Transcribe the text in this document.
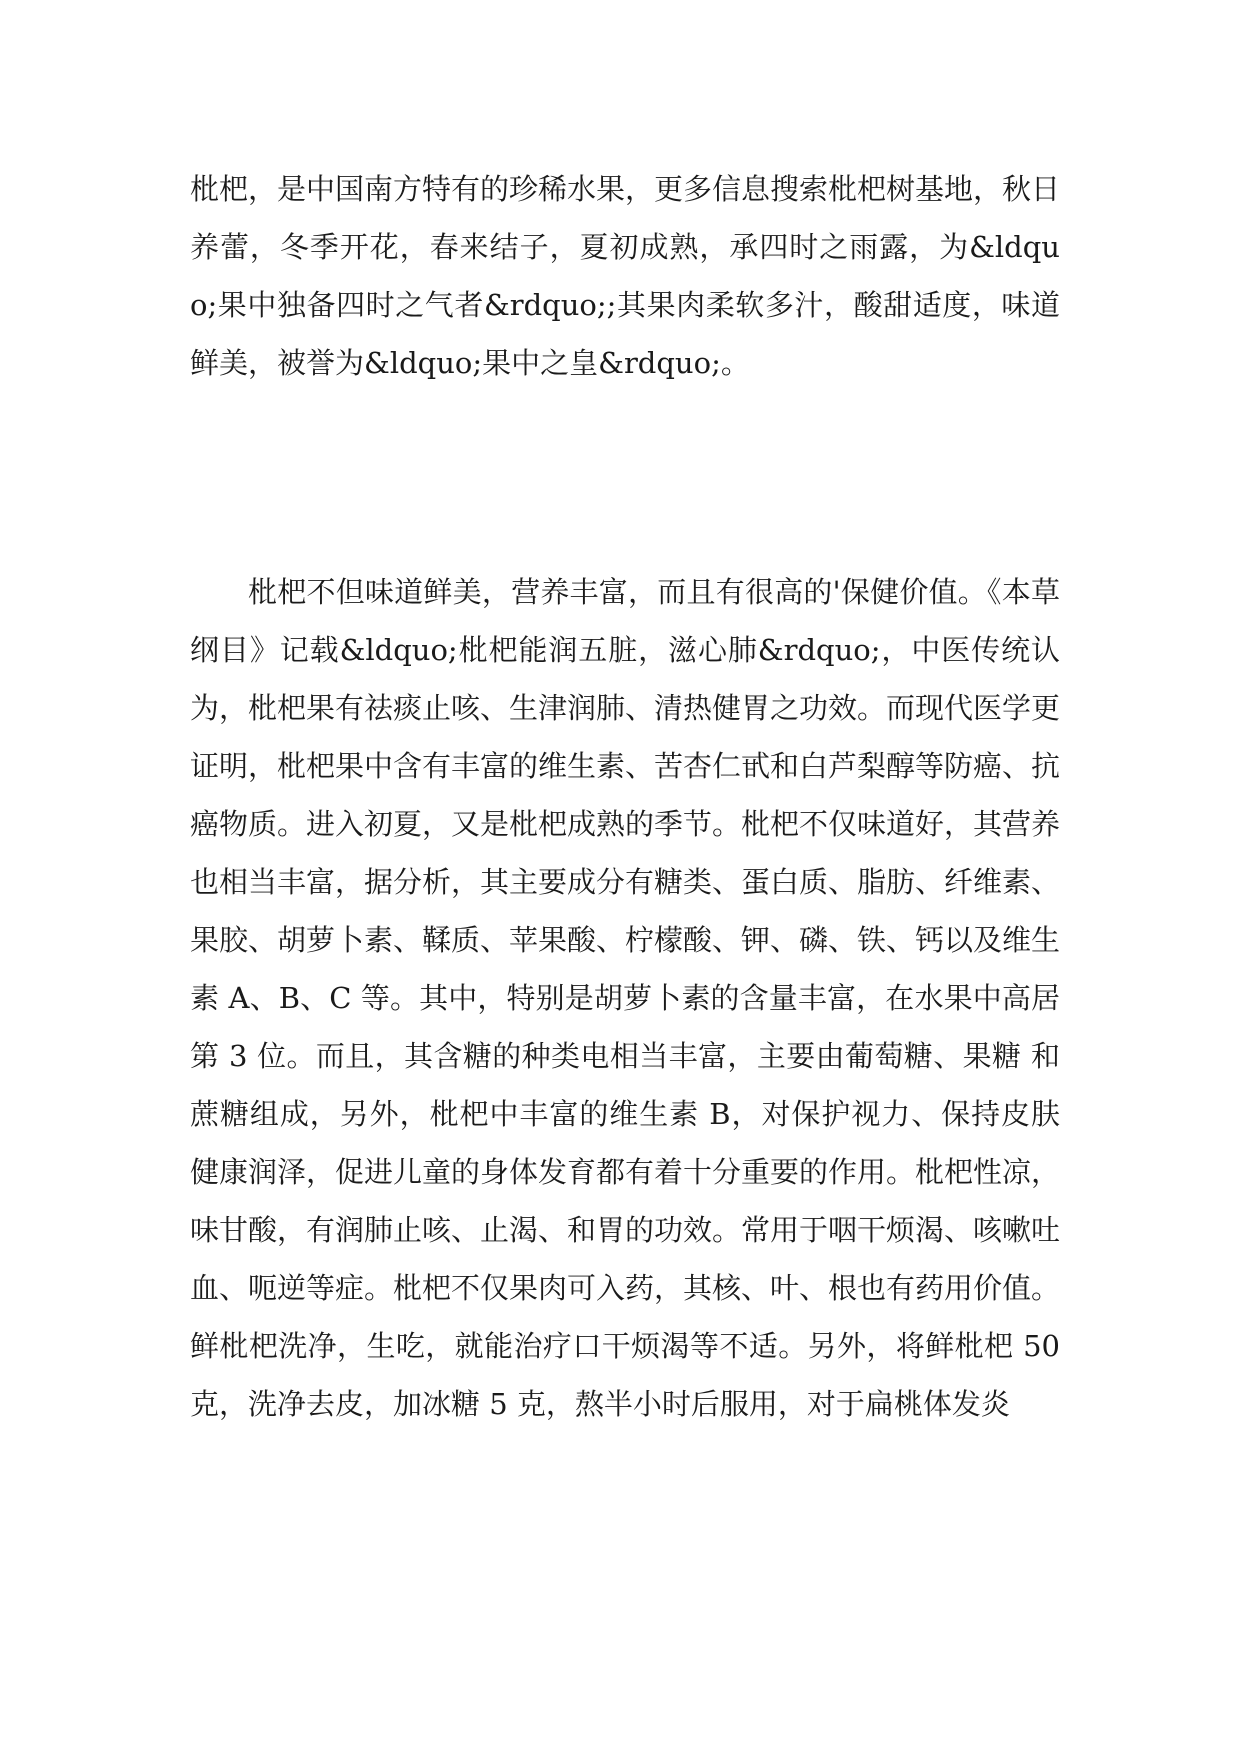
枇杷，是中国南方特有的珍稀水果，更多信息搜索枇杷树基地，秋日养蕾，冬季开花，春来结子，夏初成熟，承四时之雨露，为&ldquo;果中独备四时之气者&rdquo;;其果肉柔软多汁，酸甜适度，味道鲜美，被誉为&ldquo;果中之皇&rdquo;。

枇杷不但味道鲜美，营养丰富，而且有很高的'保健价值。《本草纲目》记载&ldquo;枇杷能润五脏，滋心肺&rdquo;，中医传统认为，枇杷果有祛痰止咳、生津润肺、清热健胃之功效。而现代医学更证明，枇杷果中含有丰富的维生素、苦杏仁甙和白芦梨醇等防癌、抗癌物质。进入初夏，又是枇杷成熟的季节。枇杷不仅味道好，其营养也相当丰富，据分析，其主要成分有糖类、蛋白质、脂肪、纤维素、果胶、胡萝卜素、鞣质、苹果酸、柠檬酸、钾、磷、铁、钙以及维生素 A、B、C 等。其中，特别是胡萝卜素的含量丰富，在水果中高居第 3 位。而且，其含糖的种类电相当丰富，主要由葡萄糖、果糖 和蔗糖组成，另外，枇杷中丰富的维生素 B，对保护视力、保持皮肤健康润泽，促进儿童的身体发育都有着十分重要的作用。枇杷性凉，味甘酸，有润肺止咳、止渴、和胃的功效。常用于咽干烦渴、咳嗽吐血、呃逆等症。枇杷不仅果肉可入药，其核、叶、根也有药用价值。鲜枇杷洗净，生吃，就能治疗口干烦渴等不适。另外，将鲜枇杷 50 克，洗净去皮，加冰糖 5 克，熬半小时后服用，对于扁桃体发炎
